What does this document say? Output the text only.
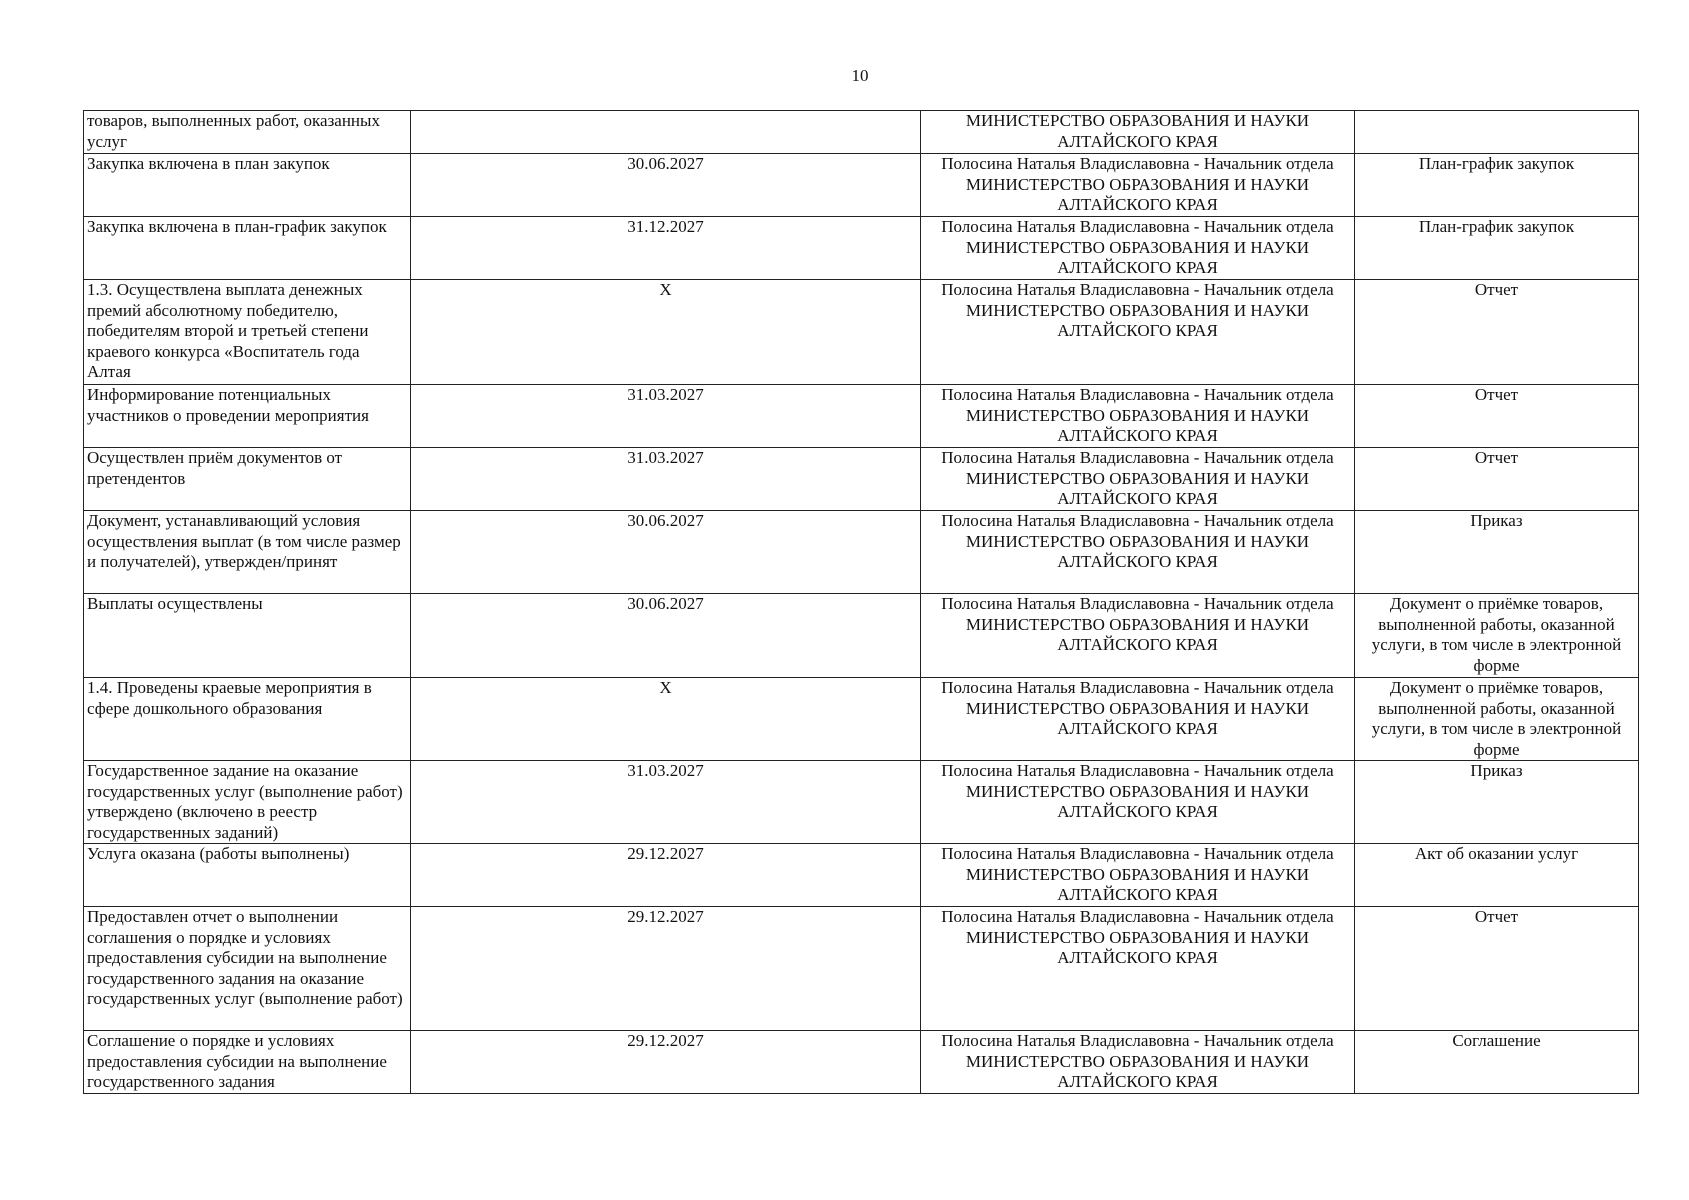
10
товаров, выполненных работ, оказанных услуг		МИНИСТЕРСТВО ОБРАЗОВАНИЯ И НАУКИ АЛТАЙСКОГО КРАЯ	
Закупка включена в план закупок	30.06.2027	Полосина Наталья Владиславовна - Начальник отдела МИНИСТЕРСТВО ОБРАЗОВАНИЯ И НАУКИ АЛТАЙСКОГО КРАЯ	План-график закупок
Закупка включена в план-график закупок	31.12.2027	Полосина Наталья Владиславовна - Начальник отдела МИНИСТЕРСТВО ОБРАЗОВАНИЯ И НАУКИ АЛТАЙСКОГО КРАЯ	План-график закупок
1.3. Осуществлена выплата денежных премий абсолютному победителю, победителям второй и третьей степени краевого конкурса «Воспитатель года Алтая	X	Полосина Наталья Владиславовна - Начальник отдела МИНИСТЕРСТВО ОБРАЗОВАНИЯ И НАУКИ АЛТАЙСКОГО КРАЯ	Отчет
Информирование потенциальных участников о проведении мероприятия	31.03.2027	Полосина Наталья Владиславовна - Начальник отдела МИНИСТЕРСТВО ОБРАЗОВАНИЯ И НАУКИ АЛТАЙСКОГО КРАЯ	Отчет
Осуществлен приём документов от претендентов	31.03.2027	Полосина Наталья Владиславовна - Начальник отдела МИНИСТЕРСТВО ОБРАЗОВАНИЯ И НАУКИ АЛТАЙСКОГО КРАЯ	Отчет
Документ, устанавливающий условия осуществления выплат (в том числе размер и получателей), утвержден/принят	30.06.2027	Полосина Наталья Владиславовна - Начальник отдела МИНИСТЕРСТВО ОБРАЗОВАНИЯ И НАУКИ АЛТАЙСКОГО КРАЯ	Приказ
Выплаты осуществлены	30.06.2027	Полосина Наталья Владиславовна - Начальник отдела МИНИСТЕРСТВО ОБРАЗОВАНИЯ И НАУКИ АЛТАЙСКОГО КРАЯ	Документ о приёмке товаров, выполненной работы, оказанной услуги, в том числе в электронной форме
1.4. Проведены краевые мероприятия в сфере дошкольного образования	X	Полосина Наталья Владиславовна - Начальник отдела МИНИСТЕРСТВО ОБРАЗОВАНИЯ И НАУКИ АЛТАЙСКОГО КРАЯ	Документ о приёмке товаров, выполненной работы, оказанной услуги, в том числе в электронной форме
Государственное задание на оказание государственных услуг (выполнение работ) утверждено (включено в реестр государственных заданий)	31.03.2027	Полосина Наталья Владиславовна - Начальник отдела МИНИСТЕРСТВО ОБРАЗОВАНИЯ И НАУКИ АЛТАЙСКОГО КРАЯ	Приказ
Услуга оказана (работы выполнены)	29.12.2027	Полосина Наталья Владиславовна - Начальник отдела МИНИСТЕРСТВО ОБРАЗОВАНИЯ И НАУКИ АЛТАЙСКОГО КРАЯ	Акт об оказании услуг
Предоставлен отчет о выполнении соглашения о порядке и условиях предоставления субсидии на выполнение государственного задания на оказание государственных услуг (выполнение работ)	29.12.2027	Полосина Наталья Владиславовна - Начальник отдела МИНИСТЕРСТВО ОБРАЗОВАНИЯ И НАУКИ АЛТАЙСКОГО КРАЯ	Отчет
Соглашение о порядке и условиях предоставления субсидии на выполнение государственного задания	29.12.2027	Полосина Наталья Владиславовна - Начальник отдела МИНИСТЕРСТВО ОБРАЗОВАНИЯ И НАУКИ АЛТАЙСКОГО КРАЯ	Соглашение
